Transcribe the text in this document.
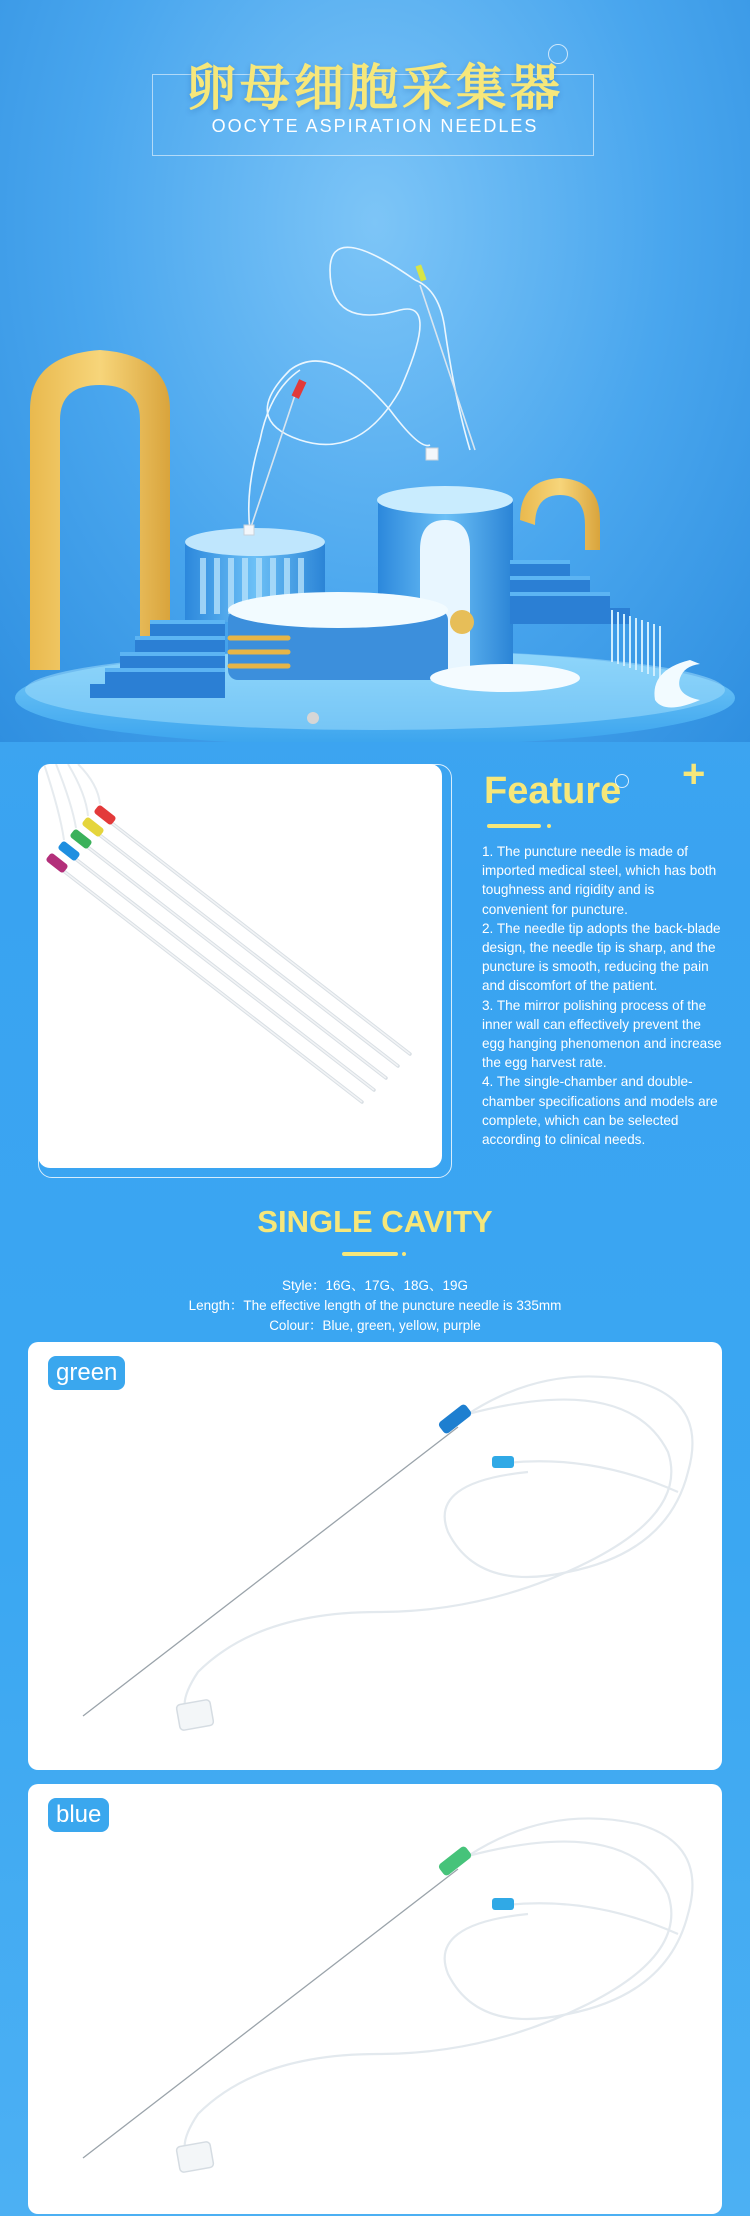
卵母细胞采集器
OOCYTE ASPIRATION NEEDLES
+
Feature

1. The puncture needle is made of imported medical steel, which has both toughness and rigidity and is convenient for puncture.

2. The needle tip adopts the back-blade design, the needle tip is sharp, and the puncture is smooth, reducing the pain and discomfort of the patient.

3. The mirror polishing process of the inner wall can effectively prevent the egg hanging phenomenon and increase the egg harvest rate.

4. The single-chamber and double-chamber specifications and models are complete, which can be selected according to clinical needs.

SINGLE CAVITY
Style：16G、17G、18G、19G
Length：The effective length of the puncture needle is 335mm
Colour：Blue, green, yellow, purple
green
blue
